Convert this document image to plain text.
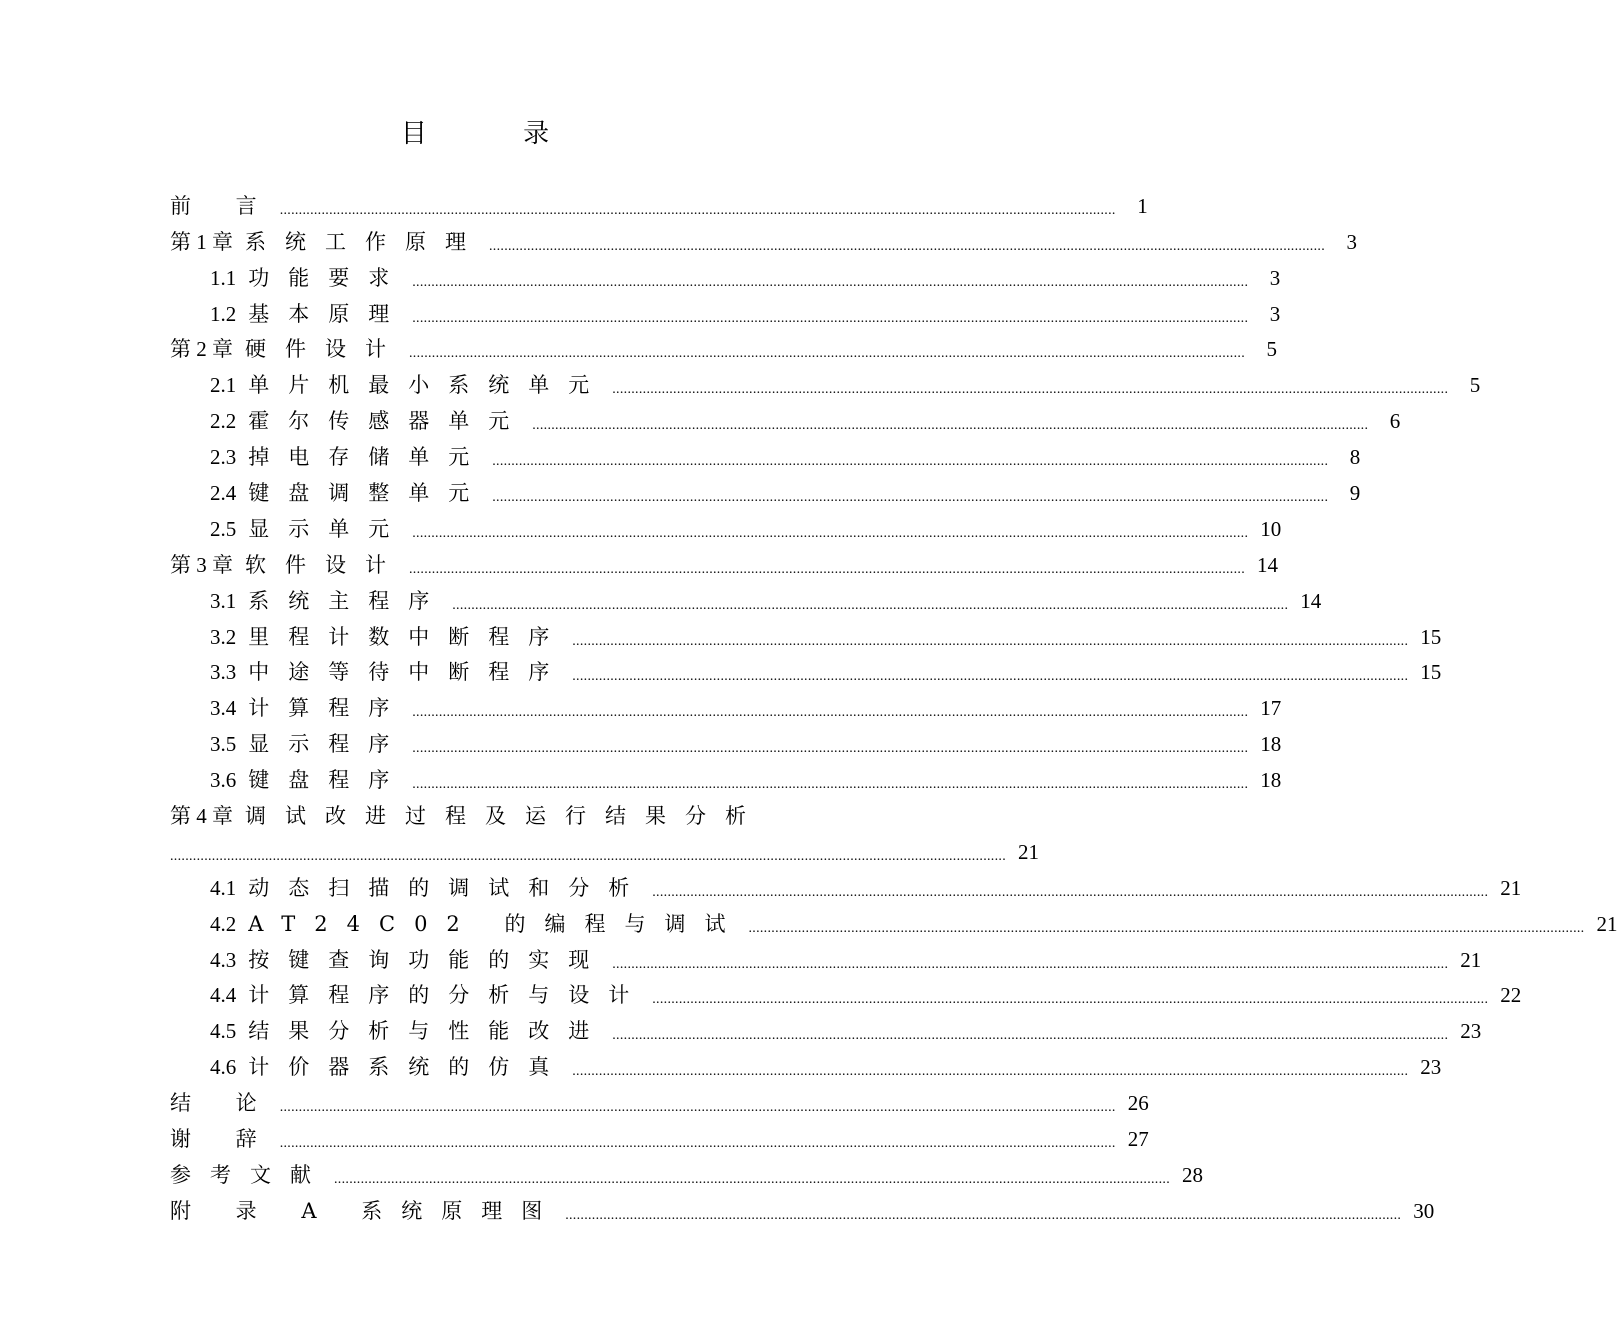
目 录
前 言 ............................................................................................................................................................................................................................	1
第 1 章 系统工作原理 ............................................................................................................................................................................................................................	3
1.1 功能要求 ............................................................................................................................................................................................................................	3
1.2 基本原理 ............................................................................................................................................................................................................................	3
第 2 章 硬件设计 ............................................................................................................................................................................................................................	5
2.1 单片机最小系统单元 ............................................................................................................................................................................................................................	5
2.2 霍尔传感器单元 ............................................................................................................................................................................................................................	6
2.3 掉电存储单元 ............................................................................................................................................................................................................................	8
2.4 键盘调整单元 ............................................................................................................................................................................................................................	9
2.5 显示单元 ............................................................................................................................................................................................................................ 10
第 3 章 软件设计 ............................................................................................................................................................................................................................ 14
3.1 系统主程序 ............................................................................................................................................................................................................................ 14
3.2 里程计数中断程序 ............................................................................................................................................................................................................................ 15
3.3 中途等待中断程序 ............................................................................................................................................................................................................................ 15
3.4 计算程序 ............................................................................................................................................................................................................................ 17
3.5 显示程序 ............................................................................................................................................................................................................................ 18
3.6 键盘程序 ............................................................................................................................................................................................................................ 18
第 4 章 调试改进过程及运行结果分析
............................................................................................................................................................................................................................ 21
4.1 动态扫描的调试和分析 ............................................................................................................................................................................................................................ 21
4.2 AT24C02 的编程与调试 ............................................................................................................................................................................................................................ 21
4.3 按键查询功能的实现 ............................................................................................................................................................................................................................ 21
4.4 计算程序的分析与设计 ............................................................................................................................................................................................................................ 22
4.5 结果分析与性能改进 ............................................................................................................................................................................................................................ 23
4.6 计价器系统的仿真 ............................................................................................................................................................................................................................ 23
结 论 ............................................................................................................................................................................................................................ 26
谢 辞 ............................................................................................................................................................................................................................ 27
参考文献 ............................................................................................................................................................................................................................ 28
附 录 A 系统原理图 ............................................................................................................................................................................................................................ 30
